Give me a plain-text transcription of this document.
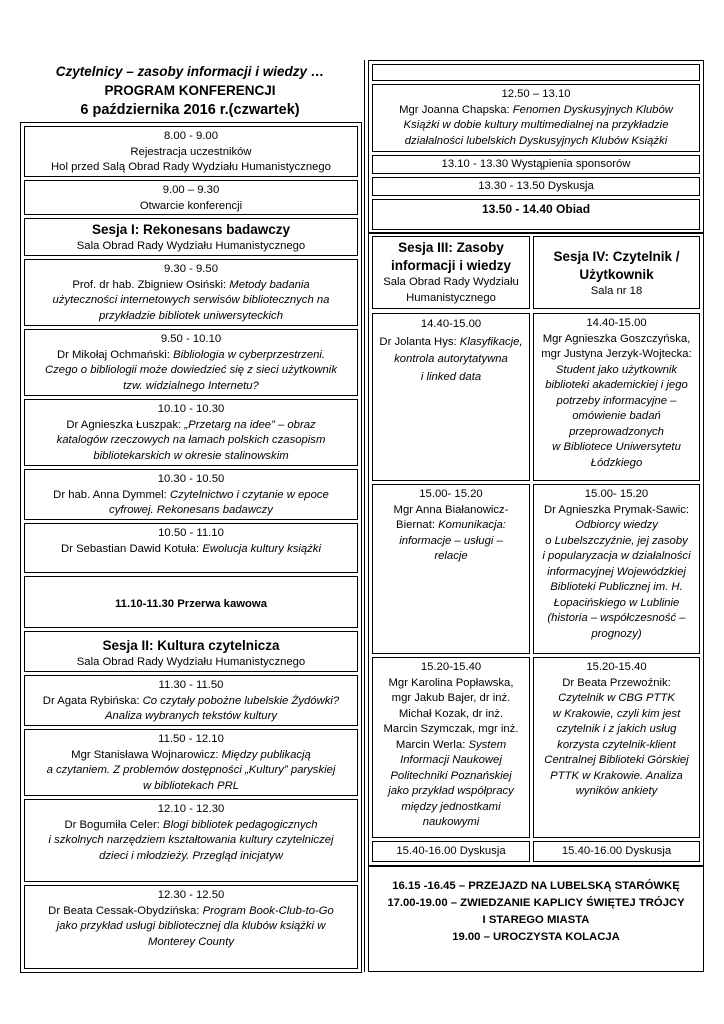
Czytelnicy – zasoby informacji i wiedzy …
PROGRAM KONFERENCJI
6 października 2016 r.(czwartek)
8.00 - 9.00
Rejestracja uczestników
Hol przed Salą Obrad Rady Wydziału Humanistycznego
9.00 – 9.30
Otwarcie konferencji
Sesja I: Rekonesans badawczy
Sala Obrad Rady Wydziału Humanistycznego
9.30 - 9.50
Prof. dr hab. Zbigniew Osiński: Metody badania
użyteczności internetowych serwisów bibliotecznych na
przykładzie bibliotek uniwersyteckich
9.50 - 10.10
Dr Mikołaj Ochmański: Bibliologia w cyberprzestrzeni.
Czego o bibliologii może dowiedzieć się z sieci użytkownik
tzw. widzialnego Internetu?
10.10 - 10.30
Dr Agnieszka Łuszpak: „Przetarg na idee” – obraz
katalogów rzeczowych na łamach polskich czasopism
bibliotekarskich w okresie stalinowskim
10.30 - 10.50
Dr hab. Anna Dymmel: Czytelnictwo i czytanie w epoce
cyfrowej. Rekonesans badawczy
10.50 - 11.10
Dr Sebastian Dawid Kotuła: Ewolucja kultury książki
11.10-11.30 Przerwa kawowa
Sesja II: Kultura czytelnicza
Sala Obrad Rady Wydziału Humanistycznego
11.30 - 11.50
Dr Agata Rybińska: Co czytały pobożne lubelskie Żydówki?
Analiza wybranych tekstów kultury
11.50 - 12.10
Mgr Stanisława Wojnarowicz: Między publikacją
a czytaniem. Z problemów dostępności „Kultury” paryskiej
w bibliotekach PRL
12.10 - 12.30
Dr Bogumiła Celer: Blogi bibliotek pedagogicznych
i szkolnych narzędziem kształtowania kultury czytelniczej
dzieci i młodzieży. Przegląd inicjatyw
12.30 - 12.50
Dr Beata Cessak-Obydzińska: Program Book-Club-to-Go
jako przykład usługi bibliotecznej dla klubów książki w
Monterey County
12.50 – 13.10
Mgr Joanna Chapska: Fenomen Dyskusyjnych Klubów
Książki w dobie kultury multimedialnej na przykładzie
działalności lubelskich Dyskusyjnych Klubów Książki
13.10 - 13.30 Wystąpienia sponsorów
13.30 - 13.50 Dyskusja
13.50 - 14.40 Obiad
Sesja III: Zasoby
informacji i wiedzy
Sala Obrad Rady Wydziału
Humanistycznego
Sesja IV: Czytelnik /
Użytkownik
Sala nr 18
14.40-15.00
Dr Jolanta Hys: Klasyfikacje,
kontrola autorytatywna
i linked data
15.00- 15.20
Mgr Anna Białanowicz-
Biernat: Komunikacja:
informacje – usługi –
relacje
15.20-15.40
Mgr Karolina Popławska,
mgr Jakub Bajer, dr inż.
Michał Kozak, dr inż.
Marcin Szymczak, mgr inż.
Marcin Werla: System
Informacji Naukowej
Politechniki Poznańskiej
jako przykład współpracy
między jednostkami
naukowymi
15.40-16.00 Dyskusja
14.40-15.00
Mgr Agnieszka Goszczyńska,
mgr Justyna Jerzyk-Wojtecka:
Student jako użytkownik
biblioteki akademickiej i jego
potrzeby informacyjne –
omówienie badań
przeprowadzonych
w Bibliotece Uniwersytetu
Łódzkiego
15.00- 15.20
Dr Agnieszka Prymak-Sawic:
Odbiorcy wiedzy
o Lubelszczyźnie, jej zasoby
i popularyzacja w działalności
informacyjnej Wojewódzkiej
Biblioteki Publicznej im. H.
Łopacińskiego w Lublinie
(historia – współczesność –
prognozy)
15.20-15.40
Dr Beata Przewoźnik:
Czytelnik w CBG PTTK
w Krakowie, czyli kim jest
czytelnik i z jakich usług
korzysta czytelnik-klient
Centralnej Biblioteki Górskiej
PTTK w Krakowie. Analiza
wyników ankiety
15.40-16.00 Dyskusja
16.15 -16.45 – PRZEJAZD NA LUBELSKĄ STARÓWKĘ
17.00-19.00 – ZWIEDZANIE KAPLICY ŚWIĘTEJ TRÓJCY
I STAREGO MIASTA
19.00 – UROCZYSTA KOLACJA
